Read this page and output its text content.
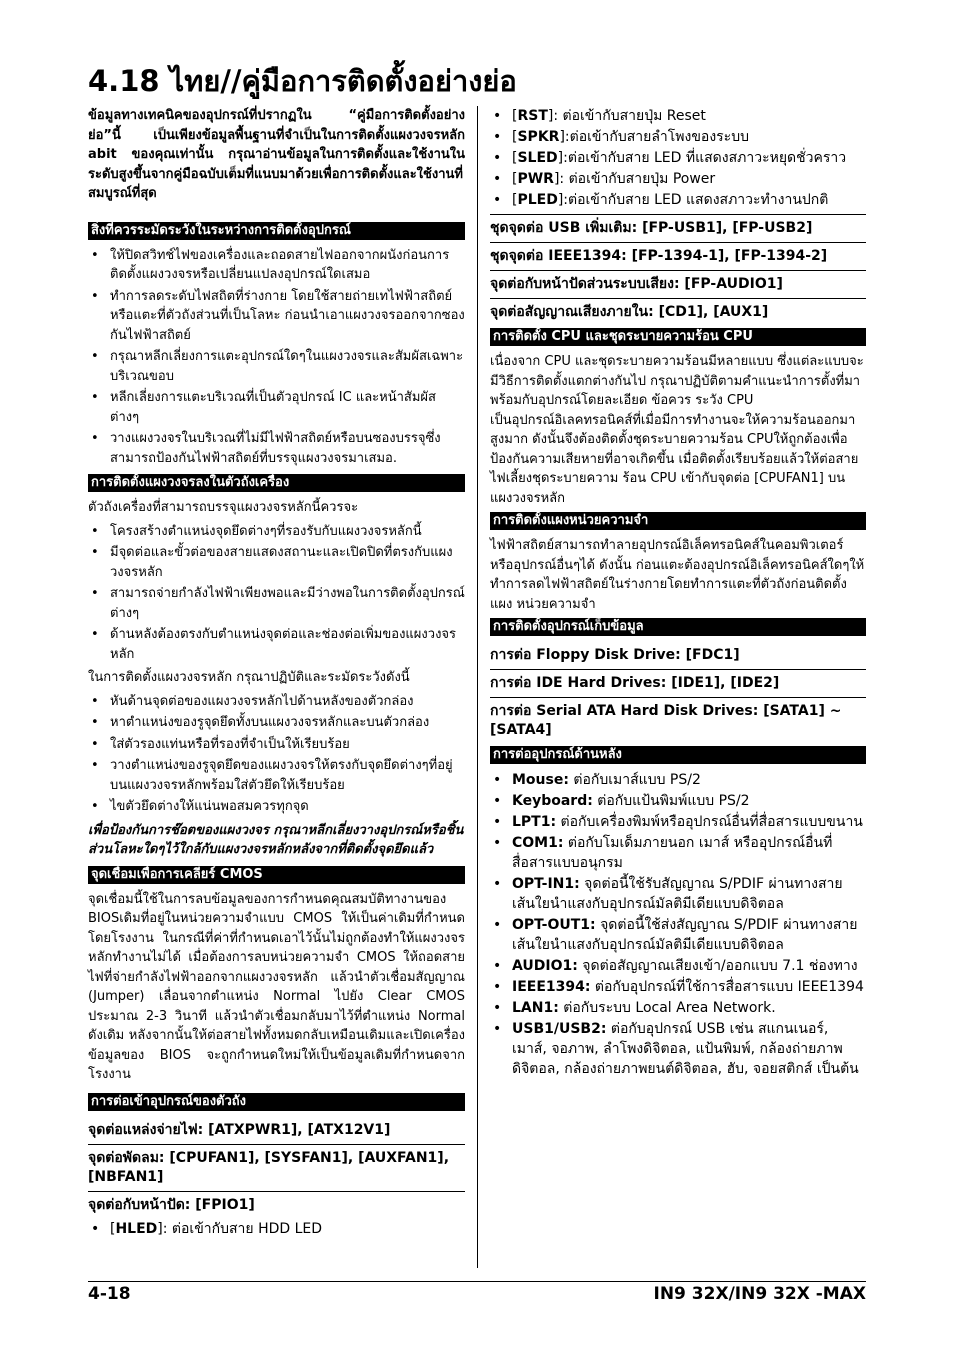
4.18 ไทย//คู่มือการติดตั้งอย่างย่อ

ข้อมูลทางเทคนิคของอุปกรณ์ที่ปรากฏใน “คู่มือการติดตั้งอย่างย่อ”นี้ เป็นเพียงข้อมูลพื้นฐานที่จำเป็นในการติดตั้งแผงวงจรหลัก abit ของคุณเท่านั้น กรุณาอ่านข้อมูลในการติดตั้งและใช้งานในระดับสูงขึ้นจากคู่มือฉบับเต็มที่แนบมาด้วยเพื่อการติดตั้งและใช้งานที่สมบูรณ์ที่สุด

สิ่งที่ควรระมัดระวังในระหว่างการติดตั้งอุปกรณ์
• ให้ปิดสวิทช์ไฟของเครื่องและถอดสายไฟออกจากผนังก่อนการติดตั้งแผงวงจรหรือเปลี่ยนแปลงอุปกรณ์ใดเสมอ
• ทำการลดระดับไฟสถิตที่ร่างกาย โดยใช้สายถ่ายเทไฟฟ้าสถิตย์หรือแตะที่ตัวถังส่วนที่เป็นโลหะ ก่อนนำเอาแผงวงจรออกจากซองกันไฟฟ้าสถิตย์
• กรุณาหลีกเลี่ยงการแตะอุปกรณ์ใดๆในแผงวงจรและสัมผัสเฉพาะบริเวณขอบ
• หลีกเลี่ยงการแตะบริเวณที่เป็นตัวอุปกรณ์ IC และหน้าสัมผัสต่างๆ
• วางแผงวงจรในบริเวณที่ไม่มีไฟฟ้าสถิตย์หรือบนซองบรรจุซึ่งสามารถป้องกันไฟฟ้าสถิตย์ที่บรรจุแผงวงจรมาเสมอ.
การติดตั้งแผงวงจรลงในตัวถังเครื่อง

ตัวถังเครื่องที่สามารถบรรจุแผงวงจรหลักนี้ควรจะ

• โครงสร้างตำแหน่งจุดยึดต่างๆที่รองรับกับแผงวงจรหลักนี้
• มีจุดต่อและขั้วต่อของสายแสดงสถานะและเปิดปิดที่ตรงกับแผงวงจรหลัก
• สามารถจ่ายกำลังไฟฟ้าเพียงพอและมีว่างพอในการติดตั้งอุปกรณ์ต่างๆ
• ด้านหลังต้องตรงกับตำแหน่งจุดต่อและช่องต่อเพิ่มของแผงวงจรหลัก

ในการติดตั้งแผงวงจรหลัก กรุณาปฏิบัติและระมัดระวังดังนี้

• หันด้านจุดต่อของแผงวงจรหลักไปด้านหลังของตัวกล่อง
• หาตำแหน่งของรูจุดยึดทั้งบนแผงวงจรหลักและบนตัวกล่อง
• ใส่ตัวรองแท่นหรือที่รองที่จำเป็นให้เรียบร้อย
• วางตำแหน่งของรูจุดยึดของแผงวงจรให้ตรงกับจุดยึดต่างๆที่อยู่บนแผงวงจรหลักพร้อมใส่ตัวยึดให้เรียบร้อย
• ไขตัวยึดต่างให้แน่นพอสมควรทุกจุด

เพื่อป้องกันการช๊อตของแผงวงจร กรุณาหลีกเลี่ยงวางอุปกรณ์หรือชิ้นส่วนโลหะใดๆไว้ใกล้กับแผงวงจรหลักหลังจากที่ติดตั้งจุดยึดแล้ว

จุดเชื่อมเพื่อการเคลียร์ CMOS

จุดเชื่อมนี้ใช้ในการลบข้อมูลของการกำหนดคุณสมบัติทางานของ BIOSเดิมที่อยู่ในหน่วยความจำแบบ CMOS ให้เป็นค่าเดิมที่กำหนด โดยโรงงาน ในกรณีที่ค่าที่กำหนดเอาไว้นั้นไม่ถูกต้องทำให้แผงวงจรหลักทำงานไม่ได้ เมื่อต้องการลบหน่วยความจำ CMOS ให้ถอดสายไฟที่จ่ายกำลังไฟฟ้าออกจากแผงวงจรหลัก แล้วนำตัวเชื่อมสัญญาณ (Jumper) เลื่อนจากตำแหน่ง Normal ไปยัง Clear CMOS ประมาณ 2-3 วินาที แล้วนำตัวเชื่อมกลับมาไว้ที่ตำแหน่ง Normal ดังเดิม หลังจากนั้นให้ต่อสายไฟทั้งหมดกลับเหมือนเดิมและเปิดเครื่อง ข้อมูลของ BIOS จะถูกกำหนดใหม่ให้เป็นข้อมูลเดิมที่กำหนดจากโรงงาน

การต่อเข้าอุปกรณ์ของตัวถัง
จุดต่อแหล่งจ่ายไฟ: [ATXPWR1], [ATX12V1]
จุดต่อพัดลม: [CPUFAN1], [SYSFAN1], [AUXFAN1], [NBFAN1]
จุดต่อกับหน้าปัด: [FPIO1]
• [HLED]: ต่อเข้ากับสาย HDD LED
• [RST]: ต่อเข้ากับสายปุ่ม Reset
• [SPKR]:ต่อเข้ากับสายลำโพงของระบบ
• [SLED]:ต่อเข้ากับสาย LED ที่แสดงสภาวะหยุดชั่วคราว
• [PWR]: ต่อเข้ากับสายปุ่ม Power
• [PLED]:ต่อเข้ากับสาย LED แสดงสภาวะทำงานปกติ
ชุดจุดต่อ USB เพิ่มเติม: [FP-USB1], [FP-USB2]
ชุดจุดต่อ IEEE1394: [FP-1394-1], [FP-1394-2]
จุดต่อกับหน้าปัดส่วนระบบเสียง: [FP-AUDIO1]
จุดต่อสัญญาณเสียงภายใน: [CD1], [AUX1]
การติดตั้ง CPU และชุดระบายความร้อน CPU

เนื่องจาก CPU และชุดระบายความร้อนมีหลายแบบ ซึ่งแต่ละแบบจะมีวิธีการติดตั้งแตกต่างกันไป กรุณาปฏิบัติตามคำแนะนำการตั้งที่มาพร้อมกับอุปกรณ์โดยละเอียด ข้อควร ระวัง CPU

เป็นอุปกรณ์อิเลคทรอนิคส์ที่เมื่อมีการทำงานจะให้ความร้อนออกมาสูงมาก ดังนั้นจึงต้องติดตั้งชุดระบายความร้อน CPUให้ถูกต้องเพื่อป้องกันความเสียหายที่อาจเกิดขึ้น เมื่อติดตั้งเรียบร้อยแล้วให้ต่อสายไฟเลี้ยงชุดระบายความ ร้อน CPU เข้ากับจุดต่อ [CPUFAN1] บนแผงวงจรหลัก

การติดตั้งแผงหน่วยความจำ

ไฟฟ้าสถิตย์สามารถทำลายอุปกรณ์อิเล็คทรอนิคส์ในคอมพิวเตอร์หรืออุปกรณ์อื่นๆได้ ดังนั้น ก่อนแตะต้องอุปกรณ์อิเล็คทรอนิคส์ใดๆให้ทำการลดไฟฟ้าสถิตย์ในร่างกายโดยทำการแตะที่ตัวถังก่อนติดตั้งแผง หน่วยความจำ

การติดตั้งอุปกรณ์เก็บข้อมูล
การต่อ Floppy Disk Drive: [FDC1]
การต่อ IDE Hard Drives: [IDE1], [IDE2]
การต่อ Serial ATA Hard Disk Drives: [SATA1] ~ [SATA4]
การต่ออุปกรณ์ด้านหลัง
• Mouse: ต่อกับเมาส์แบบ PS/2
• Keyboard: ต่อกับแป้นพิมพ์แบบ PS/2
• LPT1: ต่อกับเครื่องพิมพ์หรืออุปกรณ์อื่นที่สื่อสารแบบขนาน
• COM1: ต่อกับโมเด็มภายนอก เมาส์ หรืออุปกรณ์อื่นที่สื่อสารแบบอนุกรม
• OPT-IN1: จุดต่อนี้ใช้รับสัญญาณ S/PDIF ผ่านทางสาย เส้นใยนำแสงกับอุปกรณ์มัลติมีเดียแบบดิจิตอล
• OPT-OUT1: จุดต่อนี้ใช้ส่งสัญญาณ S/PDIF ผ่านทางสาย เส้นใยนำแสงกับอุปกรณ์มัลติมีเดียแบบดิจิตอล
• AUDIO1: จุดต่อสัญญาณเสียงเข้า/ออกแบบ 7.1 ช่องทาง
• IEEE1394: ต่อกับอุปกรณ์ที่ใช้การสื่อสารแบบ IEEE1394
• LAN1: ต่อกับระบบ Local Area Network.
• USB1/USB2: ต่อกับอุปกรณ์ USB เช่น สแกนเนอร์, เมาส์, จอภาพ, ลำโพงดิจิตอล, แป้นพิมพ์, กล้องถ่ายภาพดิจิตอล, กล้องถ่ายภาพยนต์ดิจิตอล, ฮับ, จอยสติกส์ เป็นต้น
4-18	IN9 32X/IN9 32X -MAX
